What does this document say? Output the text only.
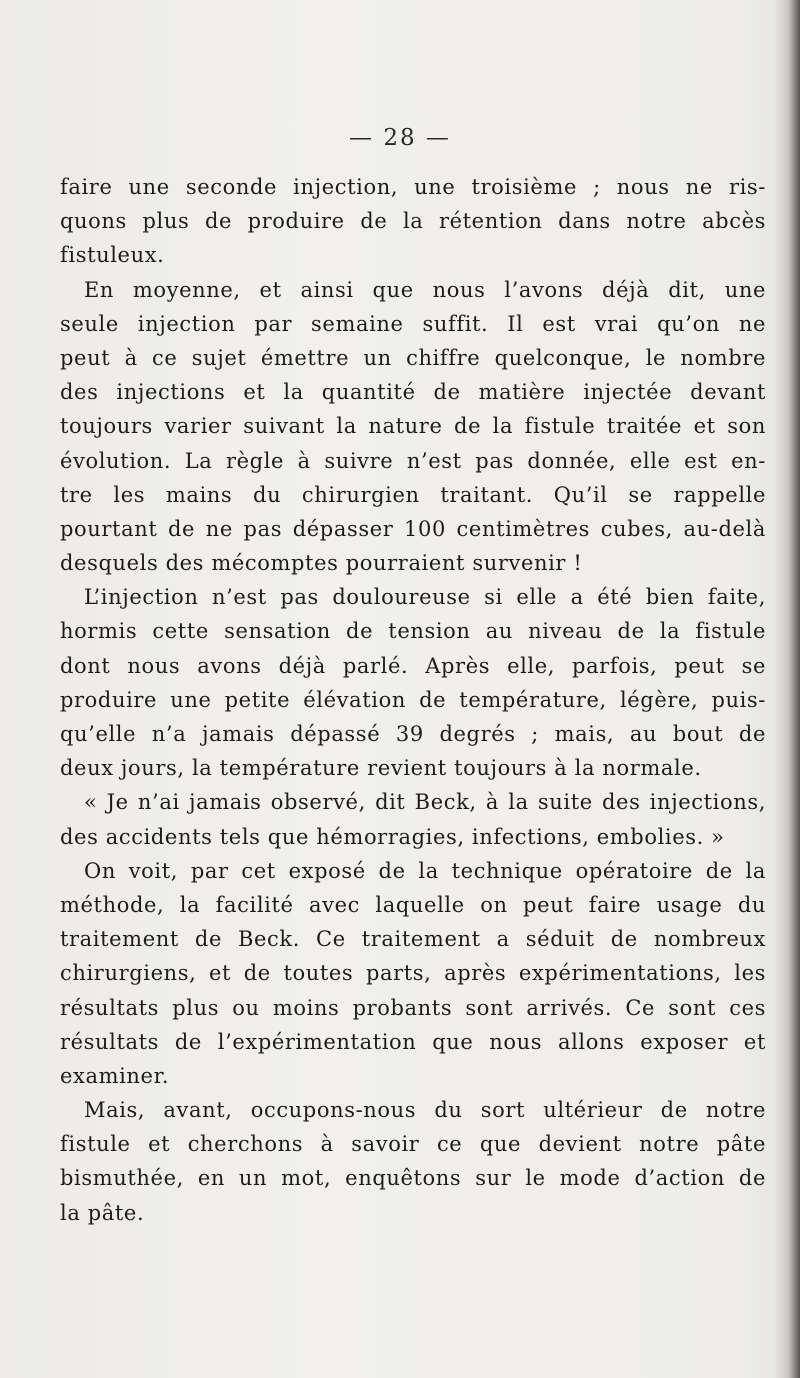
— 28 —
faire une seconde injection, une troisième ; nous ne ris-
quons plus de produire de la rétention dans notre abcès
fistuleux.
En moyenne, et ainsi que nous l’avons déjà dit, une
seule injection par semaine suffit. Il est vrai qu’on ne
peut à ce sujet émettre un chiffre quelconque, le nombre
des injections et la quantité de matière injectée devant
toujours varier suivant la nature de la fistule traitée et son
évolution. La règle à suivre n’est pas donnée, elle est en-
tre les mains du chirurgien traitant. Qu’il se rappelle
pourtant de ne pas dépasser 100 centimètres cubes, au-delà
desquels des mécomptes pourraient survenir !
L’injection n’est pas douloureuse si elle a été bien faite,
hormis cette sensation de tension au niveau de la fistule
dont nous avons déjà parlé. Après elle, parfois, peut se
produire une petite élévation de température, légère, puis-
qu’elle n’a jamais dépassé 39 degrés ; mais, au bout de
deux jours, la température revient toujours à la normale.
« Je n’ai jamais observé, dit Beck, à la suite des injections,
des accidents tels que hémorragies, infections, embolies. »
On voit, par cet exposé de la technique opératoire de la
méthode, la facilité avec laquelle on peut faire usage du
traitement de Beck. Ce traitement a séduit de nombreux
chirurgiens, et de toutes parts, après expérimentations, les
résultats plus ou moins probants sont arrivés. Ce sont ces
résultats de l’expérimentation que nous allons exposer et
examiner.
Mais, avant, occupons-nous du sort ultérieur de notre
fistule et cherchons à savoir ce que devient notre pâte
bismuthée, en un mot, enquêtons sur le mode d’action de
la pâte.
